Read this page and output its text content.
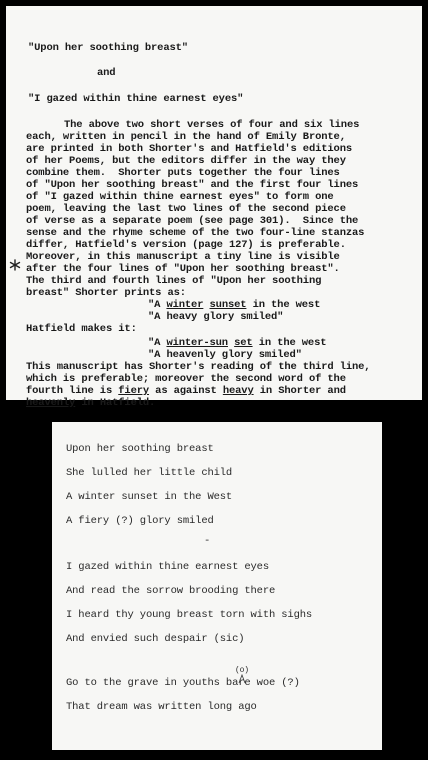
"Upon her soothing breast"
and
"I gazed within thine earnest eyes"
The above two short verses of four and six lines
each, written in pencil in the hand of Emily Bronte,
are printed in both Shorter's and Hatfield's editions
of her Poems, but the editors differ in the way they
combine them.  Shorter puts together the four lines
of "Upon her soothing breast" and the first four lines
of "I gazed within thine earnest eyes" to form one
poem, leaving the last two lines of the second piece
of verse as a separate poem (see page 301).  Since the
sense and the rhyme scheme of the two four-line stanzas
differ, Hatfield's version (page 127) is preferable.
Moreover, in this manuscript a tiny line is visible
after the four lines of "Upon her soothing breast".
The third and fourth lines of "Upon her soothing
breast" Shorter prints as:
"A winter sunset in the west
"A heavy glory smiled"
Hatfield makes it:
"A winter-sun set in the west
"A heavenly glory smiled"
This manuscript has Shorter's reading of the third line,
which is preferable; moreover the second word of the
fourth line is fiery as against heavy in Shorter and
heavenly in Hatfield.
Upon her soothing breast
She lulled her little child
A winter sunset in the West
A fiery (?) glory smiled
-
I gazed within thine earnest eyes
And read the sorrow brooding there
I heard thy young breast torn with sighs
And envied such despair (sic)
(o)
Go to the grave in youths bare woe (?)
That dream was written long ago
